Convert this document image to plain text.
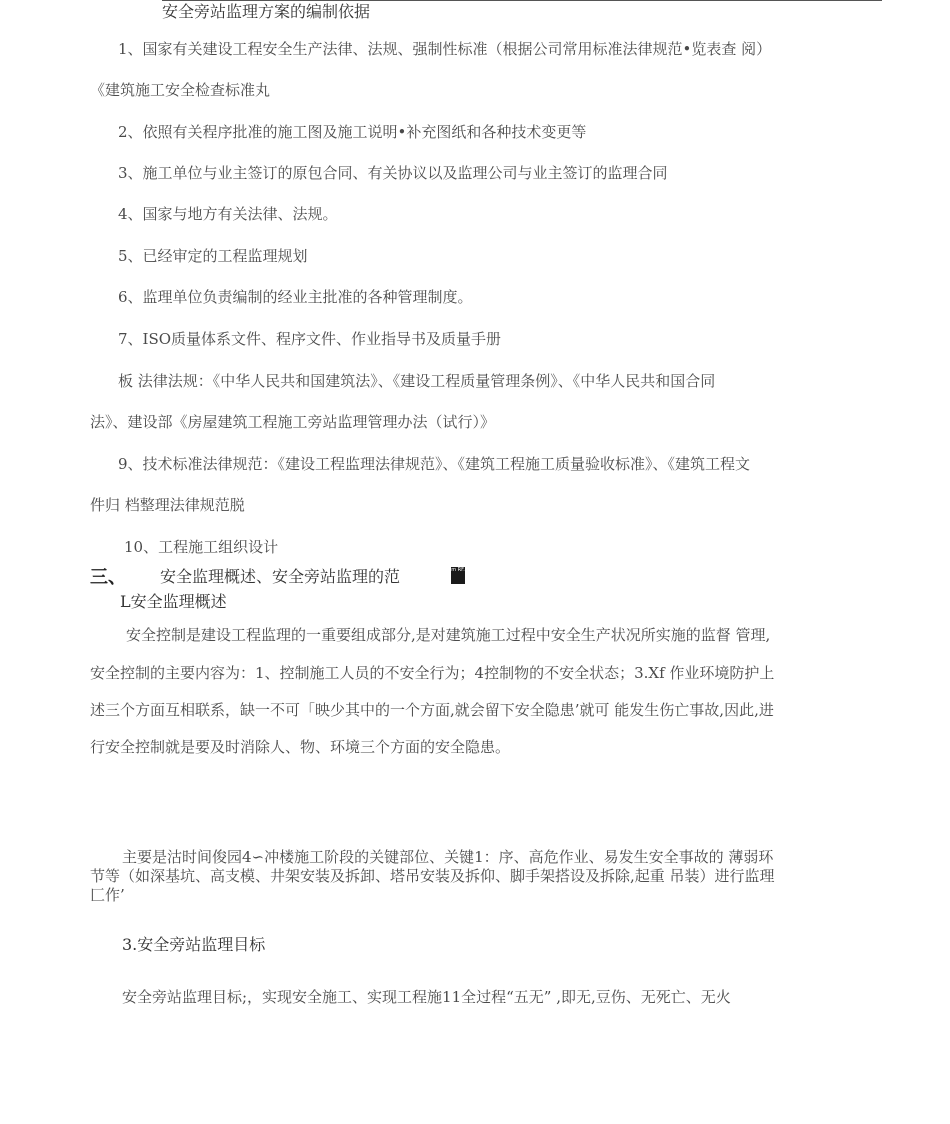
安全旁站监理方案的编制依据
1、国家有关建设工程安全生产法律、法规、强制性标准（根据公司常用标准法律规范•览表查 阅）
《建筑施工安全检查标准丸
2、依照有关程序批准的施工图及施工说明•补充图纸和各种技术变更等
3、施工单位与业主签订的原包合同、有关协议以及监理公司与业主签订的监理合同
4、国家与地方有关法律、法规。
5、已经审定的工程监理规划
6、监理单位负责编制的经业主批准的各种管理制度。
7、ISO质量体系文件、程序文件、作业指导书及质量手册
板 法律法规：《中华人民共和国建筑法》、《建设工程质量管理条例》、《中华人民共和国合同
法》、建设部《房屋建筑工程施工旁站监理管理办法（试行）》
9、技术标准法律规范：《建设工程监理法律规范》、《建筑工程施工质量验收标准》、《建筑工程文
件归 档整理法律规范脱
10、工程施工组织设计
三、 安全监理概述、安全旁站监理的范	m RF.
L安全监理概述
安全控制是建设工程监理的一重要组成部分,是对建筑施工过程中安全生产状况所实施的监督 管理,
安全控制的主要内容为：1、控制施工人员的不安全行为；4控制物的不安全状态；3.Xf 作业环境防护上
述三个方面互相联系，缺一不可「映少其中的一个方面,就会留下安全隐患’就可 能发生伤亡事故,因此,进
行安全控制就是要及时消除人、物、环境三个方面的安全隐患。
主要是沽时间俊园4∽冲楼施工阶段的关键部位、关键1：序、高危作业、易发生安全事故的 薄弱环
节等（如深基坑、高支模、井架安装及拆卸、塔吊安装及拆仰、脚手架搭设及拆除,起重 吊装）进行监理
匚作’
3.安全旁站监理目标
安全旁站监理目标;，实现安全施工、实现工程施11全过程“五无” ,即无,豆伤、无死亡、无火
